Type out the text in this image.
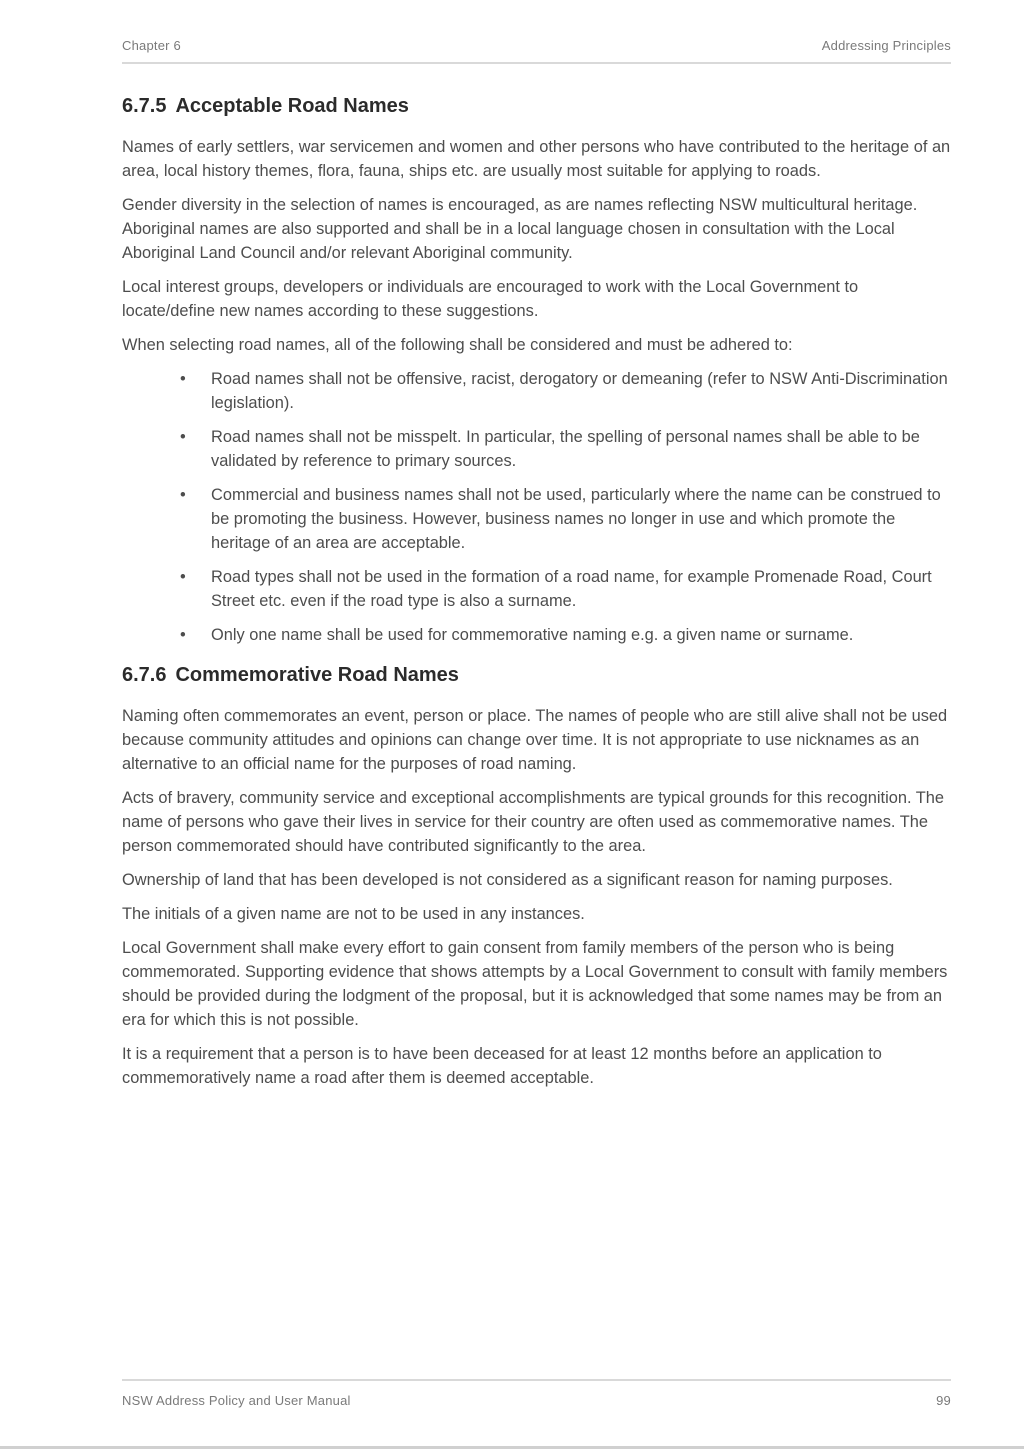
Chapter 6	Addressing Principles
6.7.5 Acceptable Road Names

Names of early settlers, war servicemen and women and other persons who have contributed to the heritage of an area, local history themes, flora, fauna, ships etc. are usually most suitable for applying to roads.

Gender diversity in the selection of names is encouraged, as are names reflecting NSW multicultural heritage. Aboriginal names are also supported and shall be in a local language chosen in consultation with the Local Aboriginal Land Council and/or relevant Aboriginal community.

Local interest groups, developers or individuals are encouraged to work with the Local Government to locate/define new names according to these suggestions.

When selecting road names, all of the following shall be considered and must be adhered to:

• Road names shall not be offensive, racist, derogatory or demeaning (refer to NSW Anti-Discrimination legislation).
• Road names shall not be misspelt. In particular, the spelling of personal names shall be able to be validated by reference to primary sources.
• Commercial and business names shall not be used, particularly where the name can be construed to be promoting the business. However, business names no longer in use and which promote the heritage of an area are acceptable.
• Road types shall not be used in the formation of a road name, for example Promenade Road, Court Street etc. even if the road type is also a surname.
• Only one name shall be used for commemorative naming e.g. a given name or surname.
6.7.6 Commemorative Road Names

Naming often commemorates an event, person or place. The names of people who are still alive shall not be used because community attitudes and opinions can change over time. It is not appropriate to use nicknames as an alternative to an official name for the purposes of road naming.

Acts of bravery, community service and exceptional accomplishments are typical grounds for this recognition. The name of persons who gave their lives in service for their country are often used as commemorative names. The person commemorated should have contributed significantly to the area.

Ownership of land that has been developed is not considered as a significant reason for naming purposes.

The initials of a given name are not to be used in any instances.

Local Government shall make every effort to gain consent from family members of the person who is being commemorated. Supporting evidence that shows attempts by a Local Government to consult with family members should be provided during the lodgment of the proposal, but it is acknowledged that some names may be from an era for which this is not possible.

It is a requirement that a person is to have been deceased for at least 12 months before an application to commemoratively name a road after them is deemed acceptable.

NSW Address Policy and User Manual	99
